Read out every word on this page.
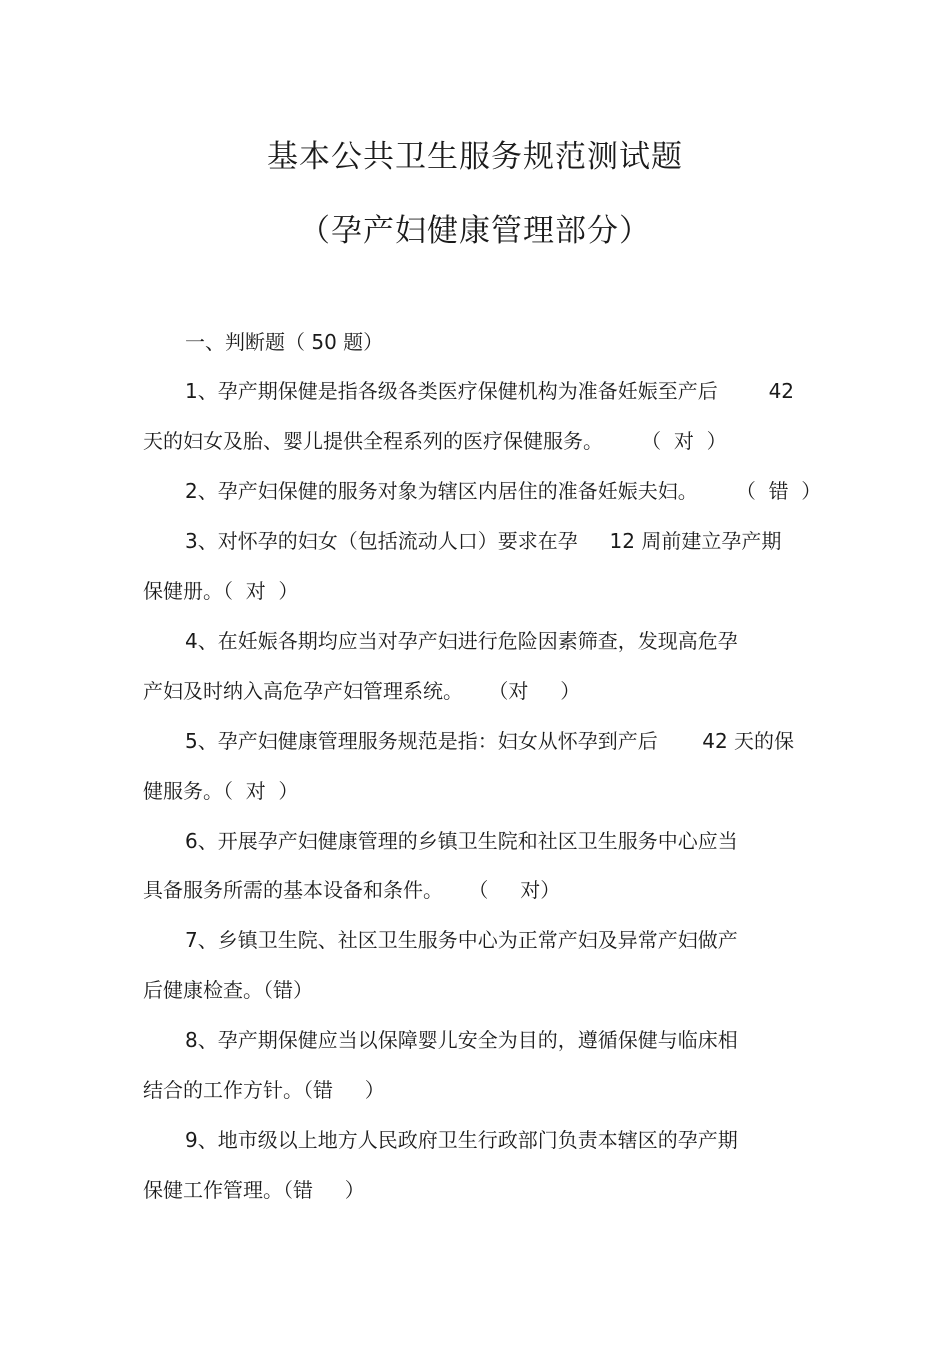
基本公共卫生服务规范测试题
（孕产妇健康管理部分）

一、判断题（ 50 题）

1、孕产期保健是指各级各类医疗保健机构为准备妊娠至产后        42

天的妇女及胎、婴儿提供全程系列的医疗保健服务。      （  对  ）

2、孕产妇保健的服务对象为辖区内居住的准备妊娠夫妇。      （  错  ）

3、对怀孕的妇女（包括流动人口）要求在孕     12 周前建立孕产期

保健册。（  对  ）

4、在妊娠各期均应当对孕产妇进行危险因素筛查，发现高危孕

产妇及时纳入高危孕产妇管理系统。    （对     ）

5、孕产妇健康管理服务规范是指：妇女从怀孕到产后       42 天的保

健服务。（  对  ）

6、开展孕产妇健康管理的乡镇卫生院和社区卫生服务中心应当

具备服务所需的基本设备和条件。    （     对）

7、乡镇卫生院、社区卫生服务中心为正常产妇及异常产妇做产

后健康检查。（错）

8、孕产期保健应当以保障婴儿安全为目的，遵循保健与临床相

结合的工作方针。（错     ）

9、地市级以上地方人民政府卫生行政部门负责本辖区的孕产期

保健工作管理。（错     ）
